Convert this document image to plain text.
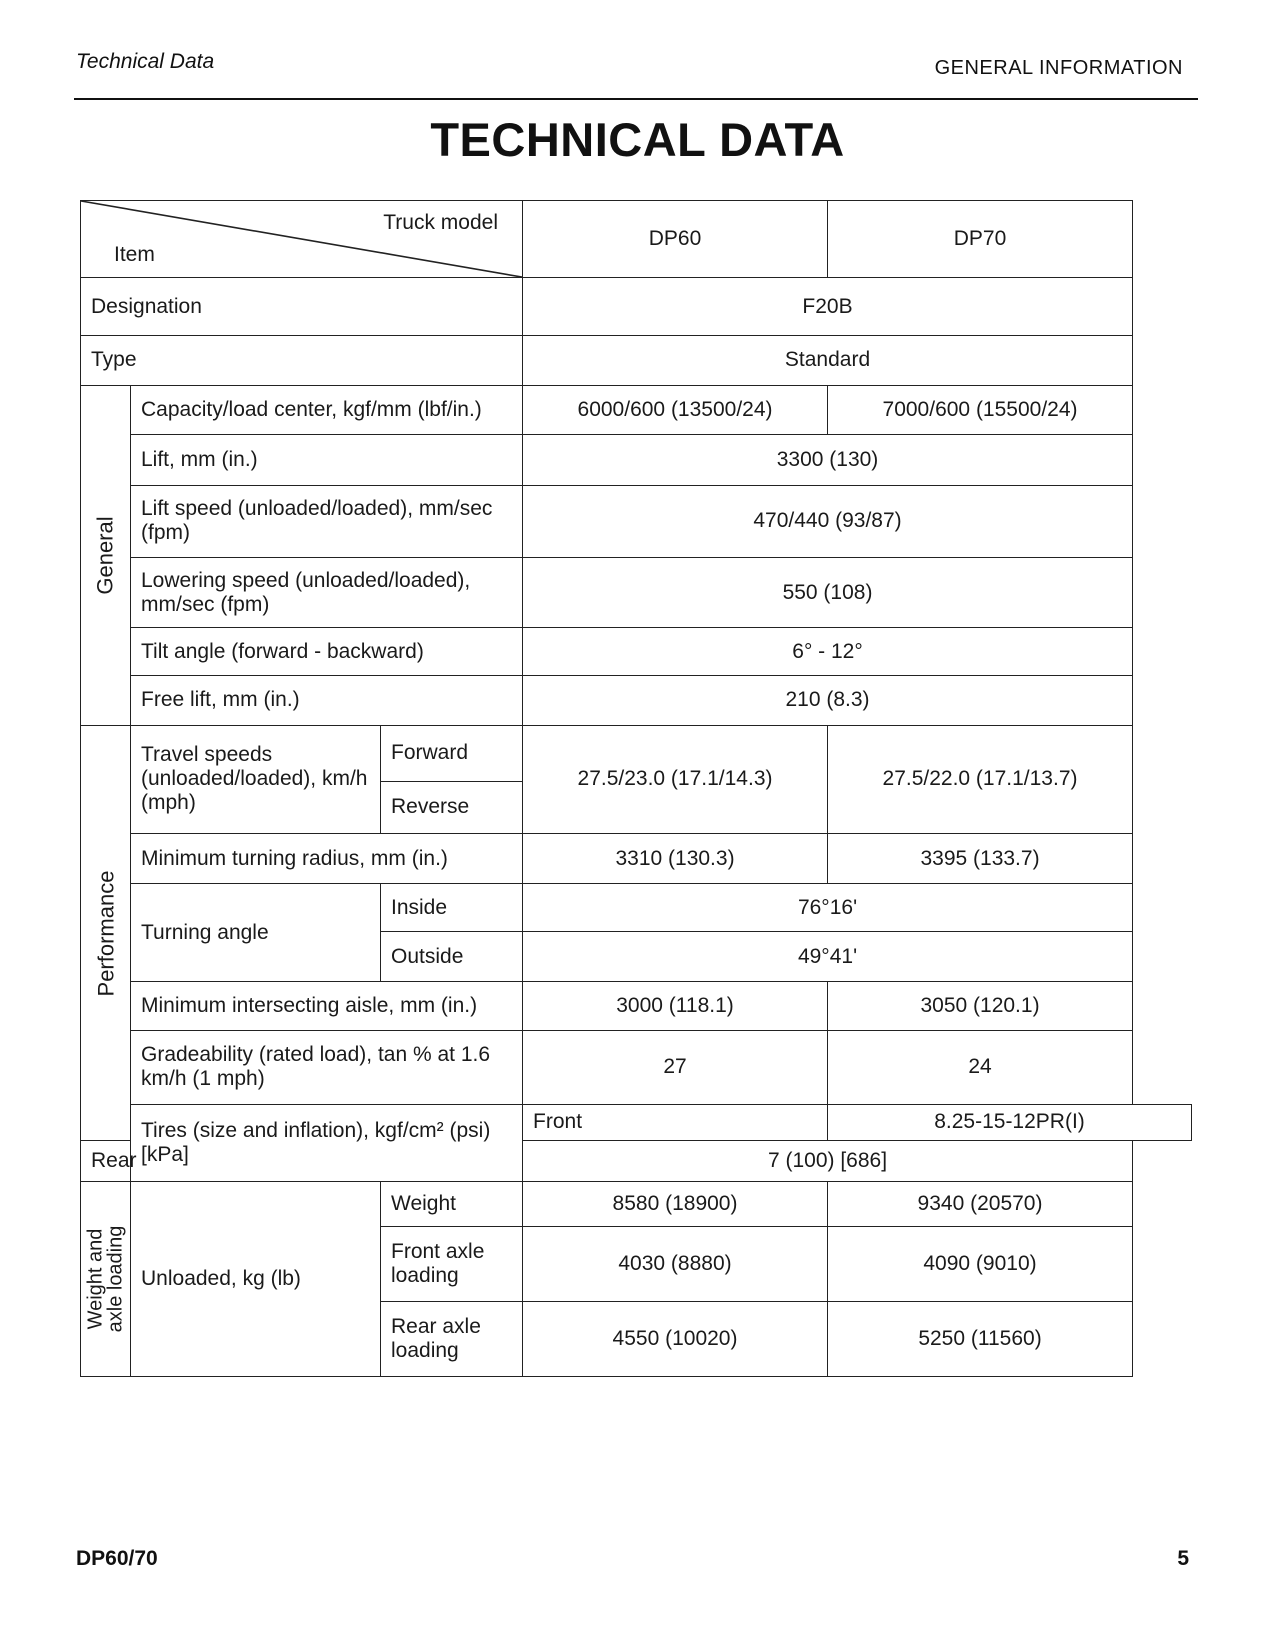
Technical Data	GENERAL INFORMATION
TECHNICAL DATA
Truck model
Item			DP60	DP70
Designation			F20B	
Type			Standard	

General	Capacity/load center, kgf/mm (lbf/in.)		6000/600 (13500/24)	7000/600 (15500/24)
	Lift, mm (in.)		3300 (130)	
	Lift speed (unloaded/loaded), mm/sec (fpm)		470/440 (93/87)	
	Lowering speed (unloaded/loaded), mm/sec (fpm)		550 (108)	
	Tilt angle (forward - backward)		6° - 12°	
	Free lift, mm (in.)		210 (8.3)	

Performance	Travel speeds (unloaded/loaded), km/h (mph)	Forward	27.5/23.0 (17.1/14.3)	27.5/22.0 (17.1/13.7)
		Reverse		
	Minimum turning radius, mm (in.)		3310 (130.3)	3395 (133.7)
	Turning angle	Inside	76°16'	
		Outside	49°41'	
	Minimum intersecting aisle, mm (in.)		3000 (118.1)	3050 (120.1)
	Gradeability (rated load), tan % at 1.6 km/h (1 mph)		27	24
	Tires (size and inflation), kgf/cm² (psi) [kPa]		Front	8.25-15-12PR(I)
Rear			7 (100) [686]	

Weight and
axle loading	Unloaded, kg (lb)	Weight	8580 (18900)	9340 (20570)
		Front axle loading	4030 (8880)	4090 (9010)
		Rear axle loading	4550 (10020)	5250 (11560)
DP60/70	5
